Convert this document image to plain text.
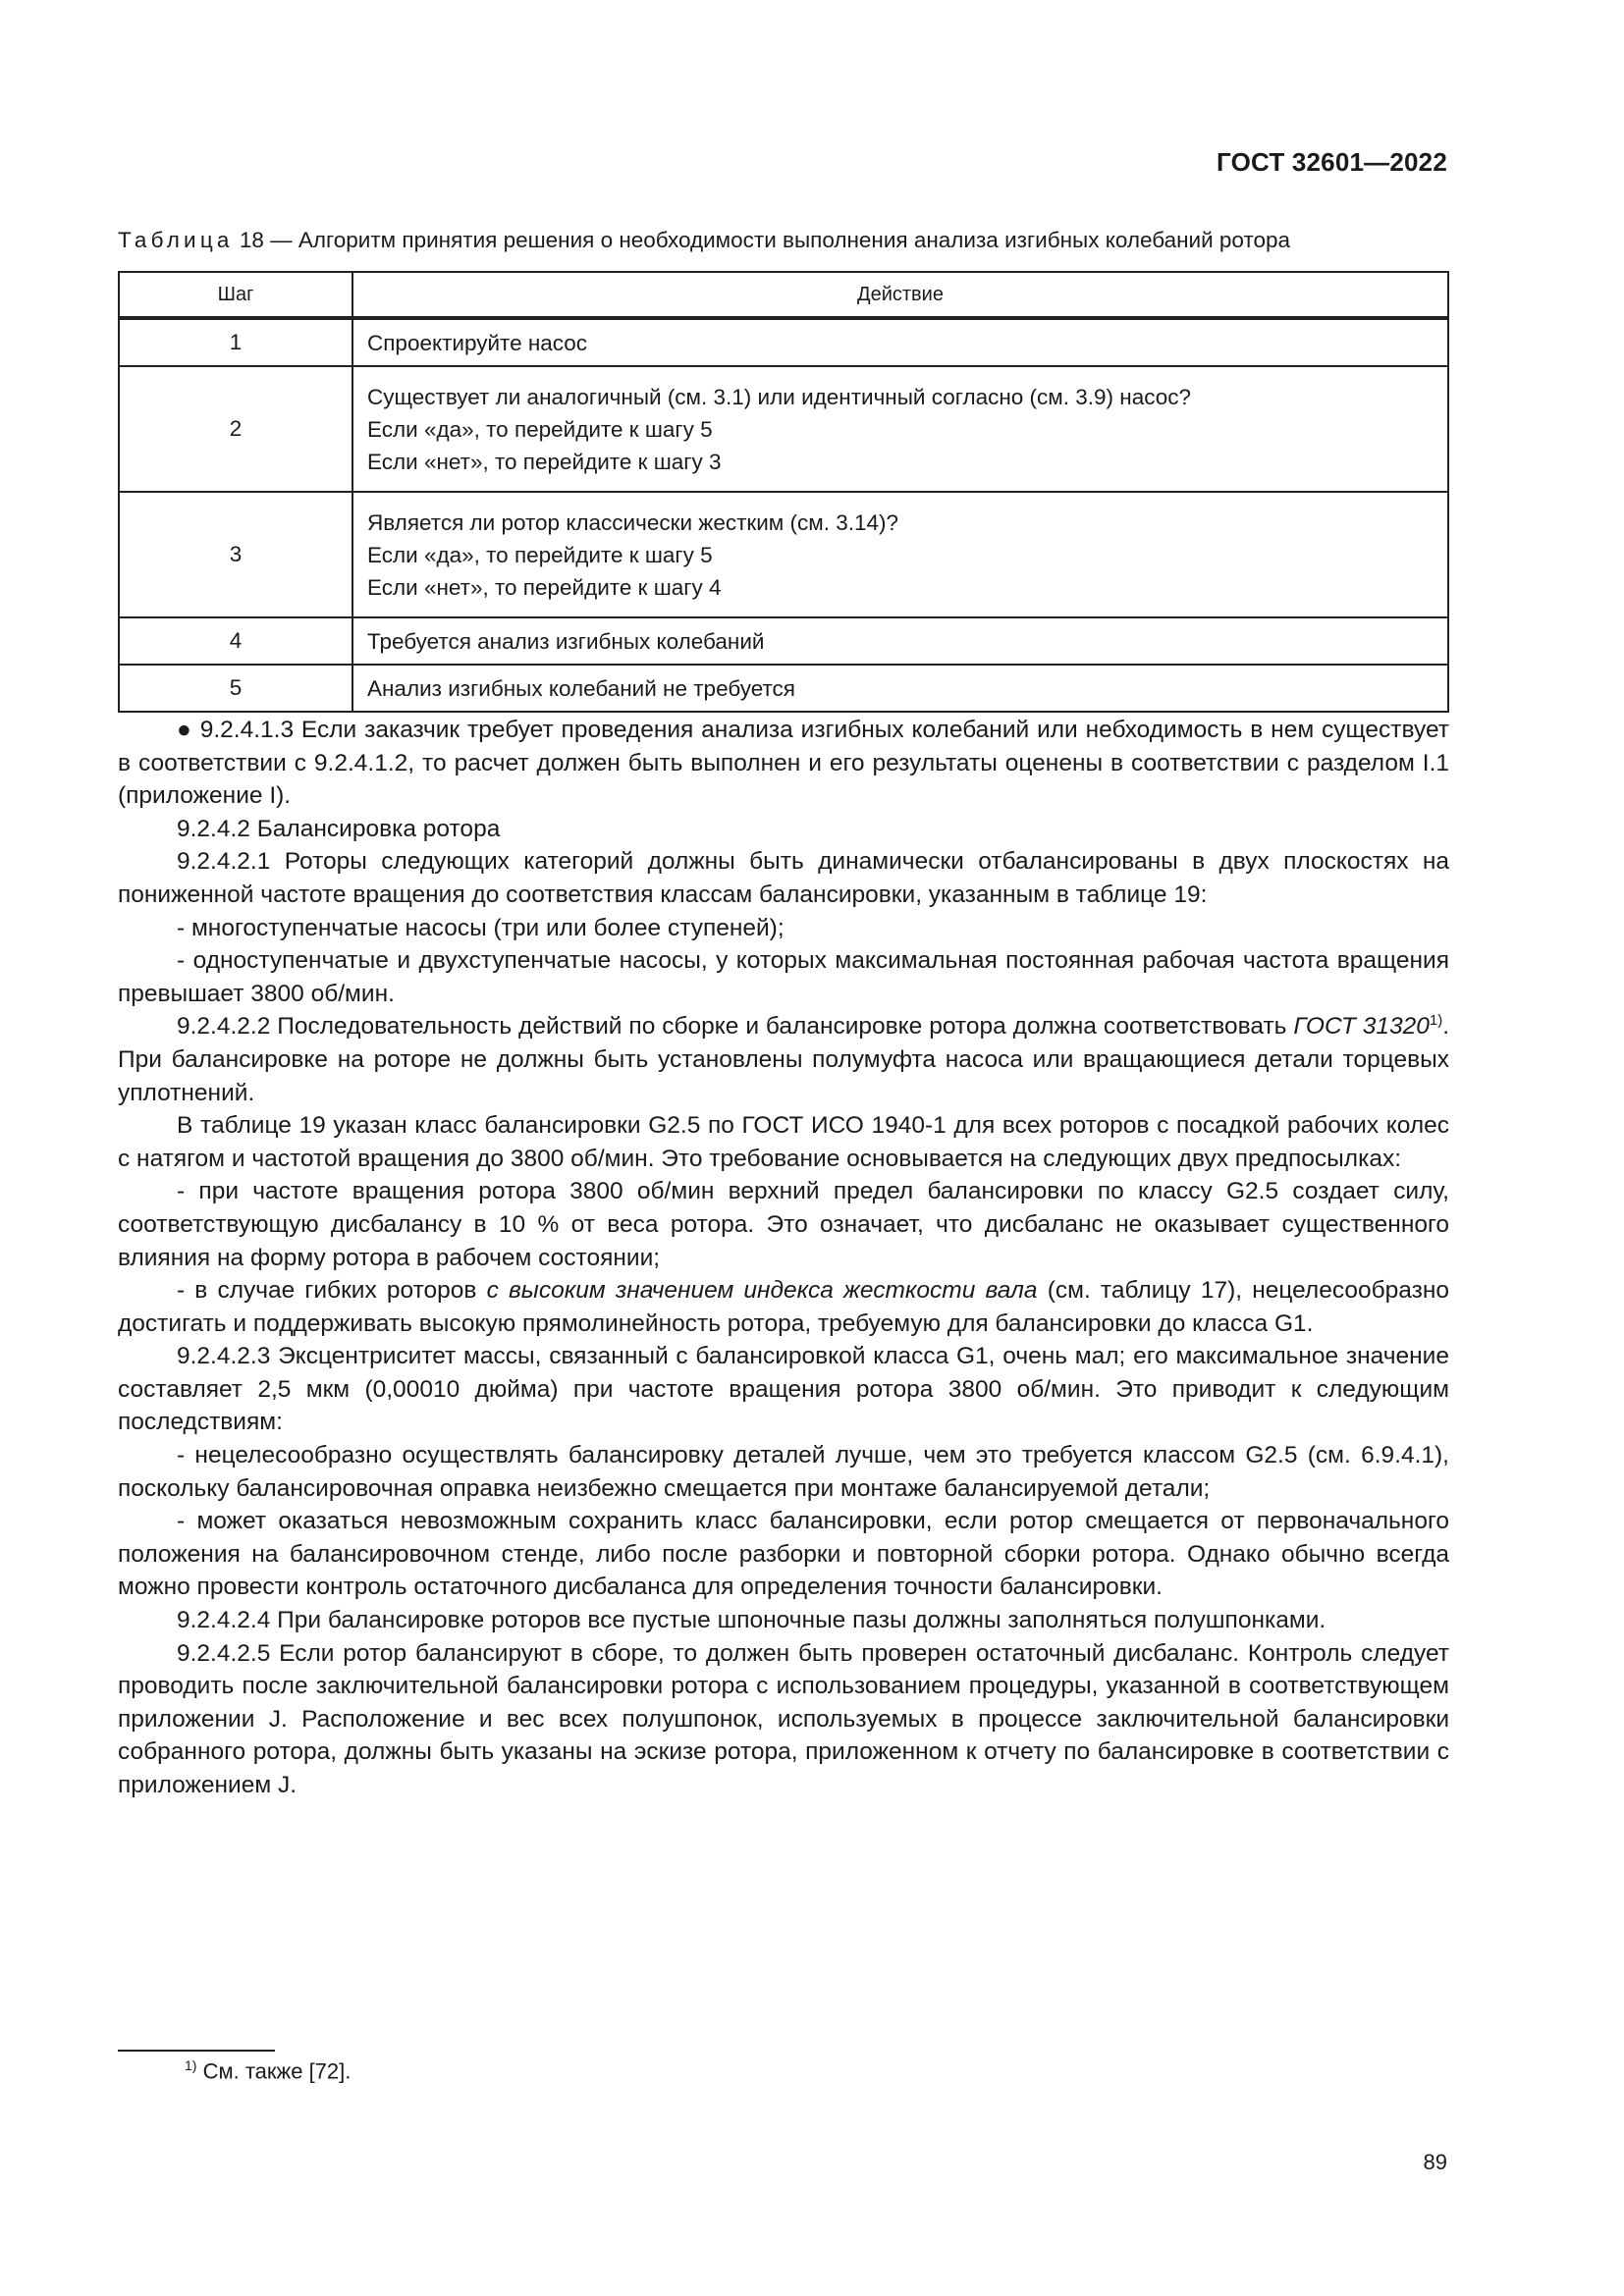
ГОСТ 32601—2022
Таблица 18 — Алгоритм принятия решения о необходимости выполнения анализа изгибных колебаний ротора
Шаг	Действие
1	Спроектируйте насос

2	Существует ли аналогичный (см. 3.1) или идентичный согласно (см. 3.9) насос?
Если «да», то перейдите к шагу 5
Если «нет», то перейдите к шагу 3

3	Является ли ротор классически жестким (см. 3.14)?
Если «да», то перейдите к шагу 5
Если «нет», то перейдите к шагу 4

4	Требуется анализ изгибных колебаний

5	Анализ изгибных колебаний не требуется

● 9.2.4.1.3 Если заказчик требует проведения анализа изгибных колебаний или небходимость в нем существует в соответствии с 9.2.4.1.2, то расчет должен быть выполнен и его результаты оценены в соответствии с разделом I.1 (приложение I).

9.2.4.2 Балансировка ротора

9.2.4.2.1 Роторы следующих категорий должны быть динамически отбалансированы в двух плоскостях на пониженной частоте вращения до соответствия классам балансировки, указанным в таблице 19:

- многоступенчатые насосы (три или более ступеней);

- одноступенчатые и двухступенчатые насосы, у которых максимальная постоянная рабочая частота вращения превышает 3800 об/мин.

9.2.4.2.2 Последовательность действий по сборке и балансировке ротора должна соответствовать ГОСТ 31320$^{1)}$. При балансировке на роторе не должны быть установлены полумуфта насоса или вращающиеся детали торцевых уплотнений.

В таблице 19 указан класс балансировки G2.5 по ГОСТ ИСО 1940-1 для всех роторов с посадкой рабочих колес с натягом и частотой вращения до 3800 об/мин. Это требование основывается на следующих двух предпосылках:

- при частоте вращения ротора 3800 об/мин верхний предел балансировки по классу G2.5 создает силу, соответствующую дисбалансу в 10 % от веса ротора. Это означает, что дисбаланс не оказывает существенного влияния на форму ротора в рабочем состоянии;

- в случае гибких роторов с высоким значением индекса жесткости вала (см. таблицу 17), нецелесообразно достигать и поддерживать высокую прямолинейность ротора, требуемую для балансировки до класса G1.

9.2.4.2.3 Эксцентриситет массы, связанный с балансировкой класса G1, очень мал; его максимальное значение составляет 2,5 мкм (0,00010 дюйма) при частоте вращения ротора 3800 об/мин. Это приводит к следующим последствиям:

- нецелесообразно осуществлять балансировку деталей лучше, чем это требуется классом G2.5 (см. 6.9.4.1), поскольку балансировочная оправка неизбежно смещается при монтаже балансируемой детали;

- может оказаться невозможным сохранить класс балансировки, если ротор смещается от первоначального положения на балансировочном стенде, либо после разборки и повторной сборки ротора. Однако обычно всегда можно провести контроль остаточного дисбаланса для определения точности балансировки.

9.2.4.2.4 При балансировке роторов все пустые шпоночные пазы должны заполняться полушпонками.

9.2.4.2.5 Если ротор балансируют в сборе, то должен быть проверен остаточный дисбаланс. Контроль следует проводить после заключительной балансировки ротора с использованием процедуры, указанной в соответствующем приложении J. Расположение и вес всех полушпонок, используемых в процессе заключительной балансировки собранного ротора, должны быть указаны на эскизе ротора, приложенном к отчету по балансировке в соответствии с приложением J.

$^{1)}$ См. также [72].
89
